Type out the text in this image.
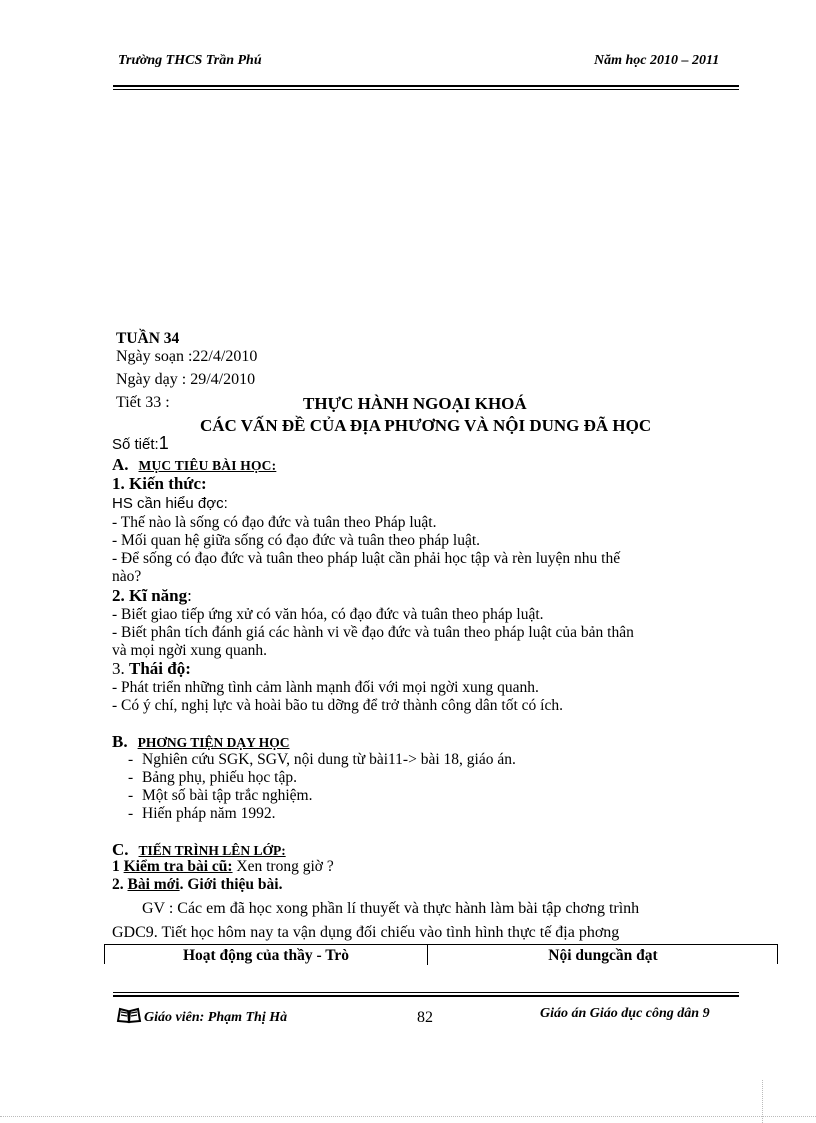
Trường THCS Trần Phú	Năm học 2010 – 2011
TUẦN 34
Ngày soạn :22/4/2010
Ngày dạy : 29/4/2010
Tiết 33 :	THỰC HÀNH NGOẠI KHOÁ
CÁC VẤN ĐỀ CỦA ĐỊA PHƯƠNG VÀ NỘI DUNG ĐÃ HỌC
Số tiết:1
A. MỤC TIÊU BÀI HỌC:
1. Kiến thức:
HS cần hiểu đợc:
- Thế nào là sống có đạo đức và tuân theo Pháp luật.
- Mối quan hệ giữa sống có đạo đức và tuân theo pháp luật.
- Để sống có đạo đức và tuân theo pháp luật cần phải học tập và rèn luyện nhu thế
nào?
2. Kĩ năng:
- Biết giao tiếp ứng xử có văn hóa, có đạo đức và tuân theo pháp luật.
- Biết phân tích đánh giá các hành vi về đạo đức và tuân theo pháp luật của bản thân
và mọi ngời xung quanh.
3. Thái độ:
- Phát triển những tình cảm lành mạnh đối với mọi ngời xung quanh.
- Có ý chí, nghị lực và hoài bão tu dỡng để trở thành công dân tốt có ích.
B. PHƠNG TIỆN DẠY HỌC
- Nghiên cứu SGK, SGV, nội dung từ bài11-> bài 18, giáo án.
- Bảng phụ, phiếu học tập.
- Một số bài tập trắc nghiệm.
- Hiến pháp năm 1992.
C. TIẾN TRÌNH LÊN LỚP:
1 Kiểm tra bài cũ: Xen trong giờ ?
2. Bài mới. Giới thiệu bài.
GV : Các em đã học xong phần lí thuyết và thực hành làm bài tập chơng trình
GDC9. Tiết học hôm nay ta vận dụng đối chiếu vào tình hình thực tế địa phơng
Hoạt động của thầy - Trò	Nội dungcần đạt
Giáo viên: Phạm Thị Hà	82	Giáo án Giáo dục công dân 9
